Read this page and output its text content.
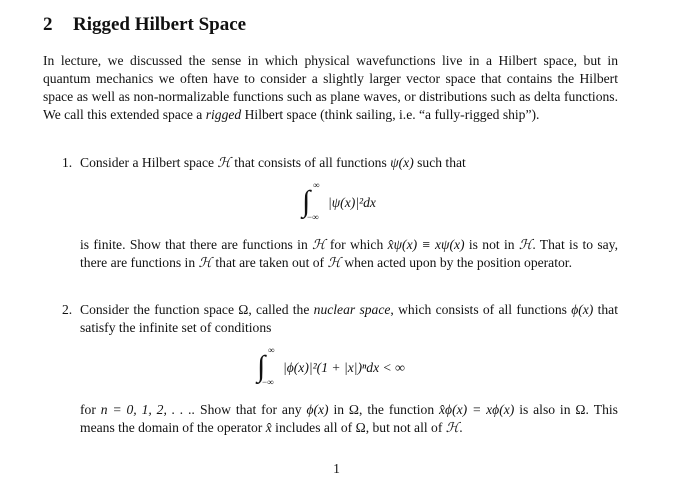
2 Rigged Hilbert Space
In lecture, we discussed the sense in which physical wavefunctions live in a Hilbert space, but in quantum mechanics we often have to consider a slightly larger vector space that contains the Hilbert space as well as non-normalizable functions such as plane waves, or distributions such as delta functions. We call this extended space a rigged Hilbert space (think sailing, i.e. “a fully-rigged ship”).
1. Consider a Hilbert space ℋ that consists of all functions ψ(x) such that
is finite. Show that there are functions in ℋ for which x̂ψ(x) ≡ xψ(x) is not in ℋ. That is to say, there are functions in ℋ that are taken out of ℋ when acted upon by the position operator.
∫ ∞
−∞
|ψ(x)|²dx
2. Consider the function space Ω, called the nuclear space, which consists of all functions ϕ(x) that satisfy the infinite set of conditions
for n = 0, 1, 2, . . .. Show that for any ϕ(x) in Ω, the function x̂ϕ(x) = xϕ(x) is also in Ω. This means the domain of the operator x̂ includes all of Ω, but not all of ℋ.
∫ ∞
−∞
|ϕ(x)|²(1 + |x|)ⁿdx < ∞
1
